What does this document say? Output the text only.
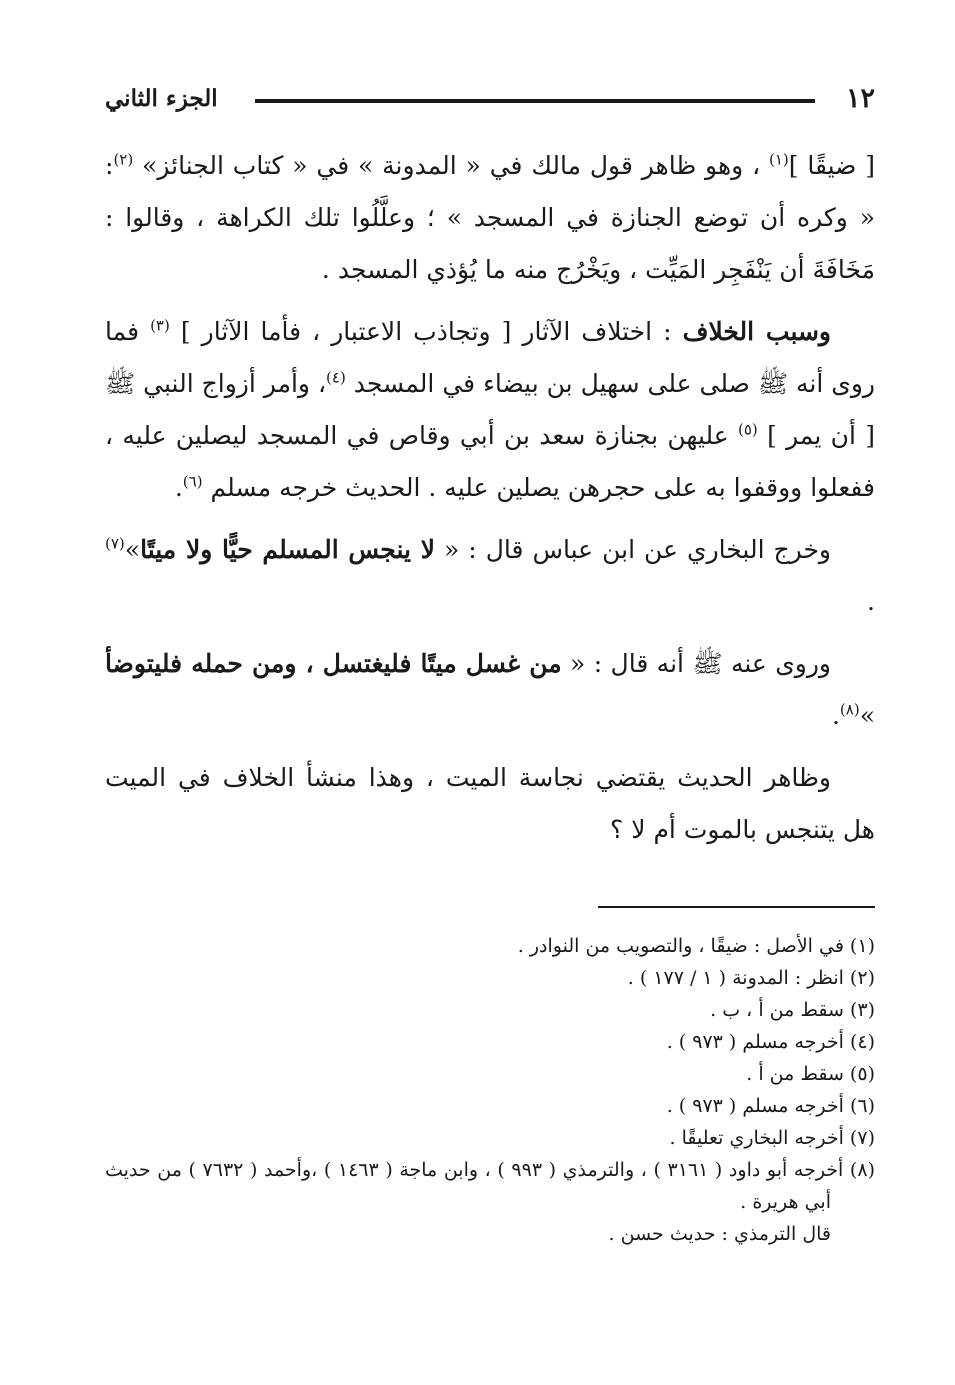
١٢
الجزء الثاني

[ ضيقًا ]$^{(١)}$ ، وهو ظاهر قول مالك في « المدونة » في « كتاب الجنائز» $^{(٢)}$: « وكره أن توضع الجنازة في المسجد » ؛ وعلَّلُوا تلك الكراهة ، وقالوا : مَخَافَةَ أن يَنْفَجِر المَيِّت ، ويَخْرُج منه ما يُؤذي المسجد .

وسبب الخلاف : اختلاف الآثار [ وتجاذب الاعتبار ، فأما الآثار ] $^{(٣)}$ فما روى أنه ﷺ صلى على سهيل بن بيضاء في المسجد $^{(٤)}$، وأمر أزواج النبي ﷺ [ أن يمر ] $^{(٥)}$ عليهن بجنازة سعد بن أبي وقاص في المسجد ليصلين عليه ، ففعلوا ووقفوا به على حجرهن يصلين عليه . الحديث خرجه مسلم $^{(٦)}$.

وخرج البخاري عن ابن عباس قال : « لا ينجس المسلم حيًّا ولا ميتًا»$^{(٧)}$ .

وروى عنه ﷺ أنه قال : « من غسل ميتًا فليغتسل ، ومن حمله فليتوضأ »$^{(٨)}$.

وظاهر الحديث يقتضي نجاسة الميت ، وهذا منشأ الخلاف في الميت هل يتنجس بالموت أم لا ؟

(١) في الأصل : ضيقًا ، والتصويب من النوادر .

(٢) انظر : المدونة ( ١ / ١٧٧ ) .

(٣) سقط من أ ، ب .

(٤) أخرجه مسلم ( ٩٧٣ ) .

(٥) سقط من أ .

(٦) أخرجه مسلم ( ٩٧٣ ) .

(٧) أخرجه البخاري تعليقًا .

(٨) أخرجه أبو داود ( ٣١٦١ ) ، والترمذي ( ٩٩٣ ) ، وابن ماجة ( ١٤٦٣ ) ،وأحمد ( ٧٦٣٢ ) من حديث أبي هريرة .

قال الترمذي : حديث حسن .
